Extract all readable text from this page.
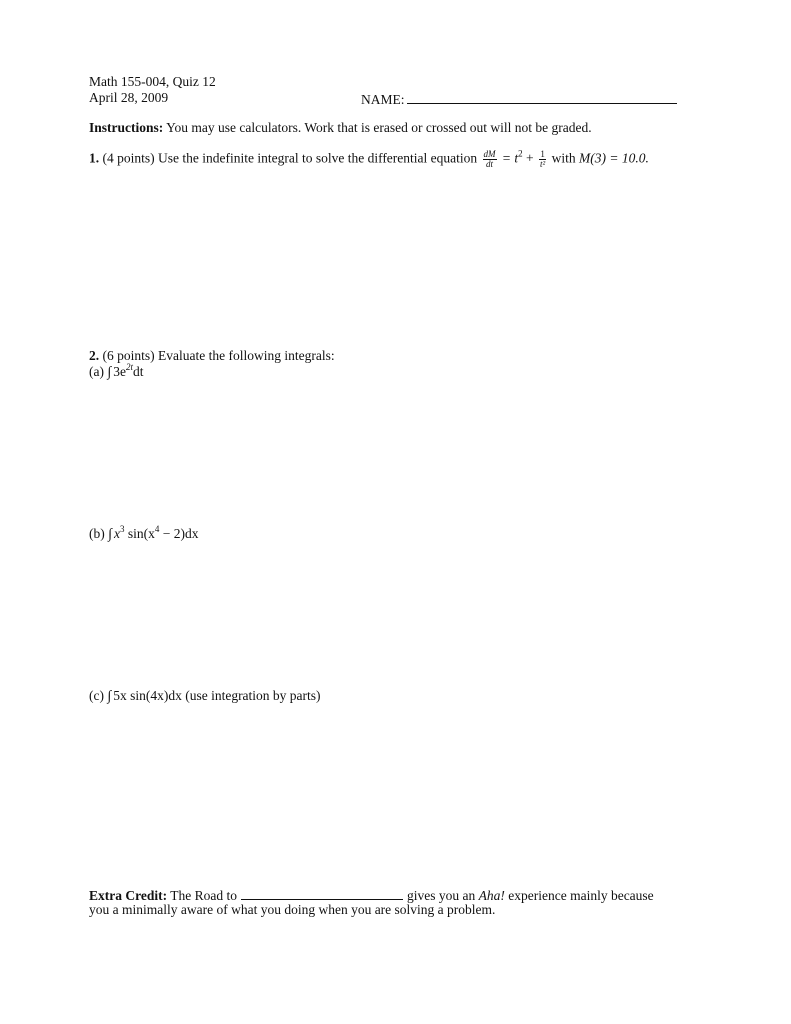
Math 155-004, Quiz 12
April 28, 2009	NAME:
Instructions: You may use calculators. Work that is erased or crossed out will not be graded.
1. (4 points) Use the indefinite integral to solve the differential equation $\frac{dM}{dt} = t^2 + \frac{1}{\text{t²}}$ with M(3) = 10.0.
2. (6 points) Evaluate the following integrals:
(a) ∫ $3e^{2t}dt$
(b) ∫ $x^3$ $\sin(x^4 - 2)dx$
(c) ∫ 5x sin(4x)dx (use integration by parts)
Extra Credit: The Road to	gives you an Aha! experience mainly because
you a minimally aware of what you doing when you are solving a problem.
